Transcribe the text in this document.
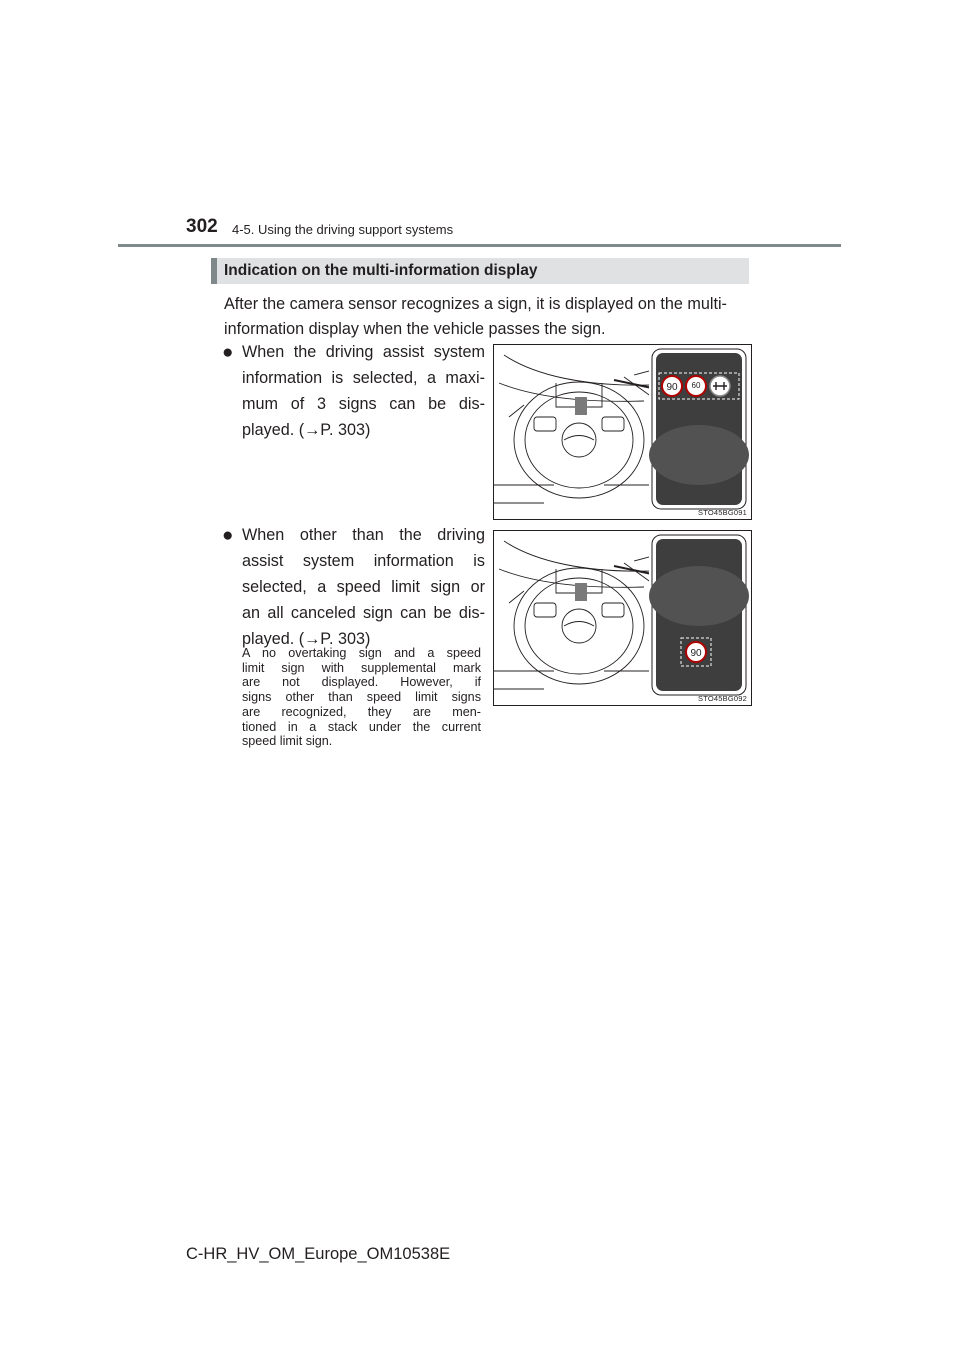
302 4-5. Using the driving support systems
Indication on the multi-information display
After the camera sensor recognizes a sign, it is displayed on the multi-
information display when the vehicle passes the sign.
● When the driving assist system

information is selected, a maxi-

mum of 3 signs can be dis-

played. (→P. 303)

● When other than the driving

assist system information is

selected, a speed limit sign or

an all canceled sign can be dis-

played. (→P. 303)

A no overtaking sign and a speed

limit sign with supplemental mark

are not displayed. However, if

signs other than speed limit signs

are recognized, they are men-

tioned in a stack under the current

speed limit sign.

90 60
STO45BG091
90
STO45BG092
C-HR_HV_OM_Europe_OM10538E
